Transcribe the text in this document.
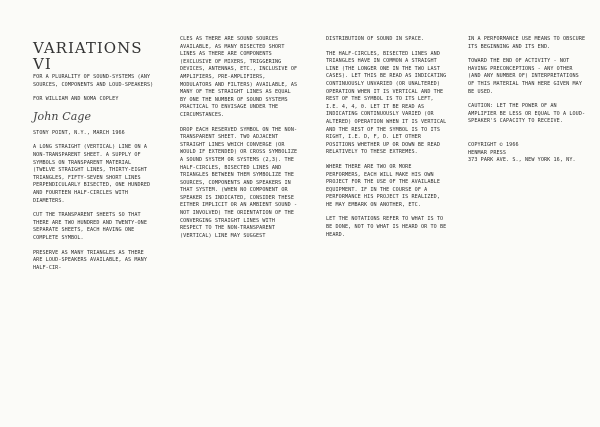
VARIATIONS VI

FOR A PLURALITY OF SOUND-SYSTEMS (ANY SOURCES, COMPONENTS AND LOUD-SPEAKERS)

FOR WILLIAM AND NOMA COPLEY

John Cage

STONY POINT, N.Y., MARCH 1966

A LONG STRAIGHT (VERTICAL) LINE ON A NON-TRANSPARENT SHEET. A SUPPLY OF SYMBOLS ON TRANSPARENT MATERIAL (TWELVE STRAIGHT LINES, THIRTY-EIGHT TRIANGLES, FIFTY-SEVEN SHORT LINES PERPENDICULARLY BISECTED, ONE HUNDRED AND FOURTEEN HALF-CIRCLES WITH DIAMETERS.

CUT THE TRANSPARENT SHEETS SO THAT THERE ARE TWO HUNDRED AND TWENTY-ONE SEPARATE SHEETS, EACH HAVING ONE COMPLETE SYMBOL.

PRESERVE AS MANY TRIANGLES AS THERE ARE LOUD-SPEAKERS AVAILABLE, AS MANY HALF-CIR-

CLES AS THERE ARE SOUND SOURCES AVAILABLE, AS MANY BISECTED SHORT LINES AS THERE ARE COMPONENTS (EXCLUSIVE OF MIXERS, TRIGGERING DEVICES, ANTENNAS, ETC., INCLUSIVE OF AMPLIFIERS, PRE-AMPLIFIERS, MODULATORS AND FILTERS) AVAILABLE, AS MANY OF THE STRAIGHT LINES AS EQUAL BY ONE THE NUMBER OF SOUND SYSTEMS PRACTICAL TO ENVISAGE UNDER THE CIRCUMSTANCES.

DROP EACH RESERVED SYMBOL ON THE NON-TRANSPARENT SHEET. TWO ADJACENT STRAIGHT LINES WHICH CONVERGE (OR WOULD IF EXTENDED) OR CROSS SYMBOLIZE A SOUND SYSTEM OR SYSTEMS (2,3). THE HALF-CIRCLES, BISECTED LINES AND TRIANGLES BETWEEN THEM SYMBOLIZE THE SOURCES, COMPONENTS AND SPEAKERS IN THAT SYSTEM. (WHEN NO COMPONENT OR SPEAKER IS INDICATED, CONSIDER THESE EITHER IMPLICIT OR AN AMBIENT SOUND - NOT INVOLVED) THE ORIENTATION OF THE CONVERGING STRAIGHT LINES WITH RESPECT TO THE NON-TRANSPARENT (VERTICAL) LINE MAY SUGGEST

DISTRIBUTION OF SOUND IN SPACE.

THE HALF-CIRCLES, BISECTED LINES AND TRIANGLES HAVE IN COMMON A STRAIGHT LINE (THE LONGER ONE IN THE TWO LAST CASES). LET THIS BE READ AS INDICATING CONTINUOUSLY UNVARIED (OR UNALTERED) OPERATION WHEN IT IS VERTICAL AND THE REST OF THE SYMBOL IS TO ITS LEFT, I.E. 4, 4, 0. LET IT BE READ AS INDICATING CONTINUOUSLY VARIED (OR ALTERED) OPERATION WHEN IT IS VERTICAL AND THE REST OF THE SYMBOL IS TO ITS RIGHT, I.E. D, F, D. LET OTHER POSITIONS WHETHER UP OR DOWN BE READ RELATIVELY TO THESE EXTREMES.

WHERE THERE ARE TWO OR MORE PERFORMERS, EACH WILL MAKE HIS OWN PROJECT FOR THE USE OF THE AVAILABLE EQUIPMENT. IF IN THE COURSE OF A PERFORMANCE HIS PROJECT IS REALIZED, HE MAY EMBARK ON ANOTHER, ETC.

LET THE NOTATIONS REFER TO WHAT IS TO BE DONE, NOT TO WHAT IS HEARD OR TO BE HEARD.

IN A PERFORMANCE USE MEANS TO OBSCURE ITS BEGINNING AND ITS END.

TOWARD THE END OF ACTIVITY - NOT HAVING PRECONCEPTIONS - ANY OTHER (AND ANY NUMBER OF) INTERPRETATIONS OF THIS MATERIAL THAN HERE GIVEN MAY BE USED.

CAUTION: LET THE POWER OF AN AMPLIFIER BE LESS OR EQUAL TO A LOUD-SPEAKER'S CAPACITY TO RECEIVE.

COPYRIGHT © 1966

HENMAR PRESS

373 PARK AVE. S., NEW YORK 16, NY.
